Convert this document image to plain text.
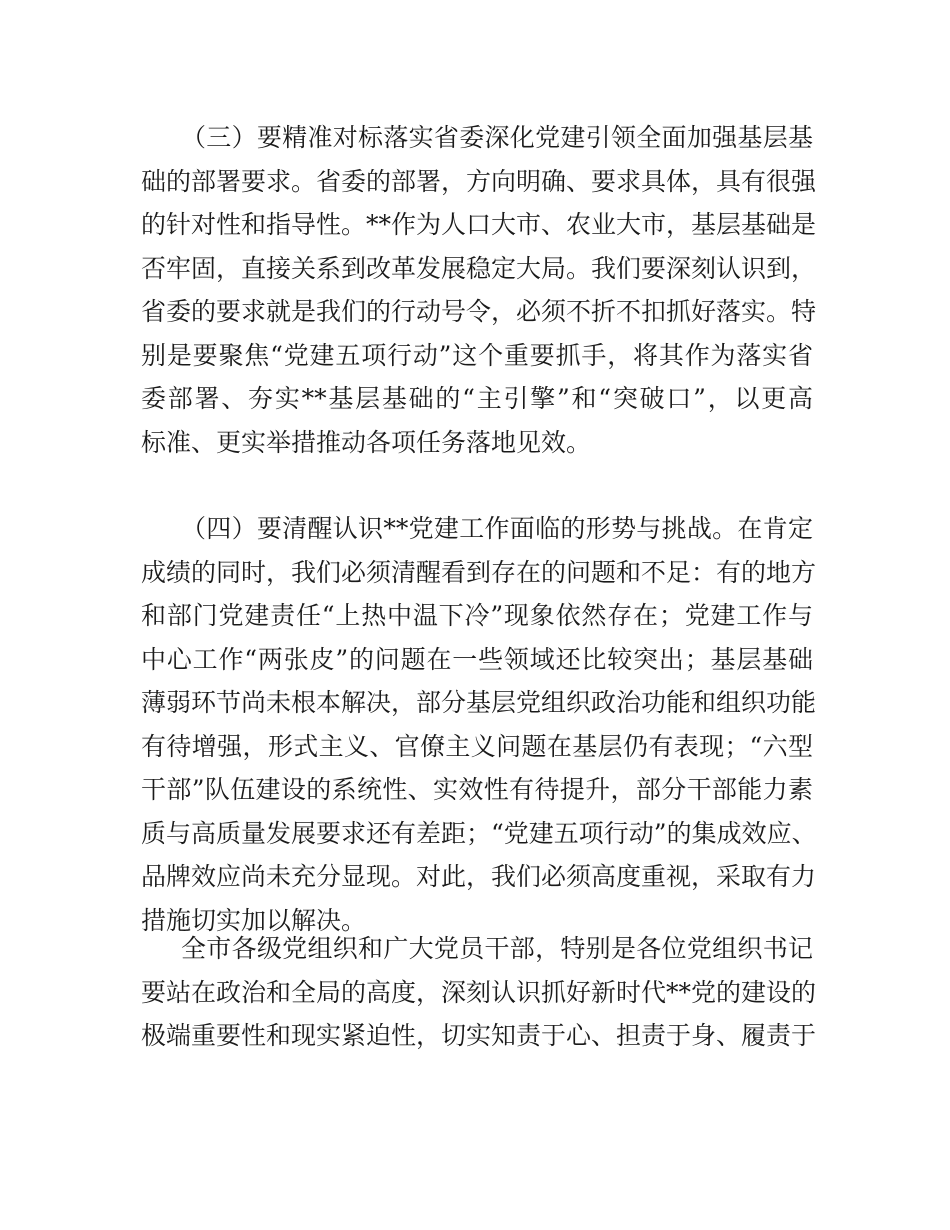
（三）要精准对标落实省委深化党建引领全面加强基层基
础的部署要求。省委的部署，方向明确、要求具体，具有很强
的针对性和指导性。**作为人口大市、农业大市，基层基础是
否牢固，直接关系到改革发展稳定大局。我们要深刻认识到，
省委的要求就是我们的行动号令，必须不折不扣抓好落实。特
别是要聚焦“党建五项行动”这个重要抓手，将其作为落实省
委部署、夯实**基层基础的“主引擎”和“突破口”，以更高
标准、更实举措推动各项任务落地见效。
（四）要清醒认识**党建工作面临的形势与挑战。在肯定
成绩的同时，我们必须清醒看到存在的问题和不足：有的地方
和部门党建责任“上热中温下冷”现象依然存在；党建工作与
中心工作“两张皮”的问题在一些领域还比较突出；基层基础
薄弱环节尚未根本解决，部分基层党组织政治功能和组织功能
有待增强，形式主义、官僚主义问题在基层仍有表现；“六型
干部”队伍建设的系统性、实效性有待提升，部分干部能力素
质与高质量发展要求还有差距；“党建五项行动”的集成效应、
品牌效应尚未充分显现。对此，我们必须高度重视，采取有力
措施切实加以解决。
全市各级党组织和广大党员干部，特别是各位党组织书记
要站在政治和全局的高度，深刻认识抓好新时代**党的建设的
极端重要性和现实紧迫性，切实知责于心、担责于身、履责于
